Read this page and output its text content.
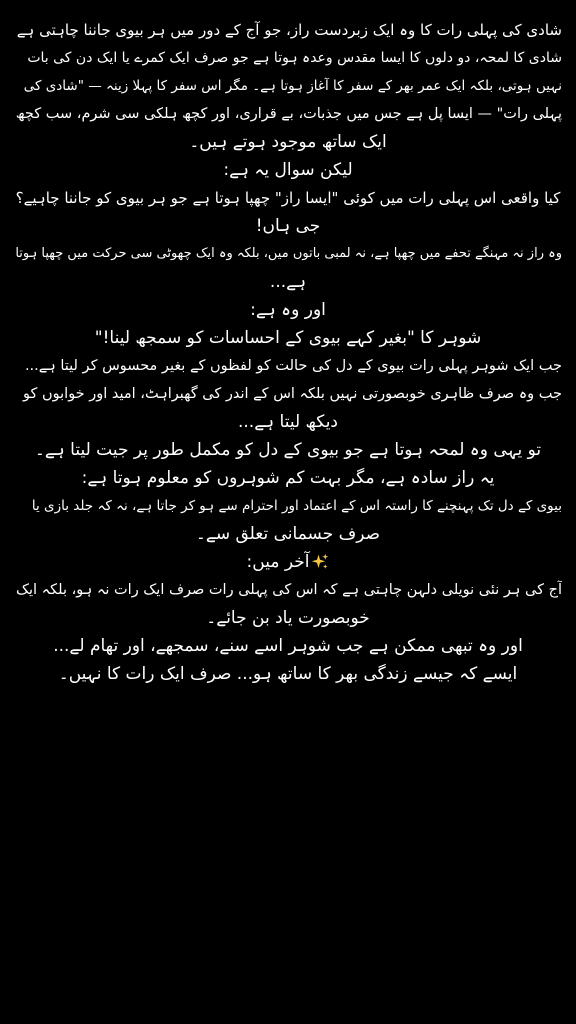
شادی کی پہلی رات کا وہ ایک زبردست راز، جو آج کے دور میں ہر بیوی جاننا چاہتی ہے
شادی کا لمحہ، دو دلوں کا ایسا مقدس وعدہ ہوتا ہے جو صرف ایک کمرے یا ایک دن کی بات
نہیں ہوتی، بلکہ ایک عمر بھر کے سفر کا آغاز ہوتا ہے۔ مگر اس سفر کا پہلا زینہ — "شادی کی
پہلی رات" — ایسا پل ہے جس میں جذبات، بے قراری، اور کچھ ہلکی سی شرم، سب کچھ
ایک ساتھ موجود ہوتے ہیں۔
لیکن سوال یہ ہے:
کیا واقعی اس پہلی رات میں کوئی "ایسا راز" چھپا ہوتا ہے جو ہر بیوی کو جاننا چاہیے؟
جی ہاں!
وہ راز نہ مہنگے تحفے میں چھپا ہے، نہ لمبی باتوں میں، بلکہ وہ ایک چھوٹی سی حرکت میں چھپا ہوتا
ہے...
اور وہ ہے:
شوہر کا "بغیر کہے بیوی کے احساسات کو سمجھ لینا!"
جب ایک شوہر پہلی رات بیوی کے دل کی حالت کو لفظوں کے بغیر محسوس کر لیتا ہے...
جب وہ صرف ظاہری خوبصورتی نہیں بلکہ اس کے اندر کی گھبراہٹ، امید اور خوابوں کو
دیکھ لیتا ہے...
تو یہی وہ لمحہ ہوتا ہے جو بیوی کے دل کو مکمل طور پر جیت لیتا ہے۔
یہ راز سادہ ہے، مگر بہت کم شوہروں کو معلوم ہوتا ہے:
بیوی کے دل تک پہنچنے کا راستہ اس کے اعتماد اور احترام سے ہو کر جاتا ہے، نہ کہ جلد بازی یا
صرف جسمانی تعلق سے۔
آخر میں:
آج کی ہر نئی نویلی دلہن چاہتی ہے کہ اس کی پہلی رات صرف ایک رات نہ ہو، بلکہ ایک
خوبصورت یاد بن جائے۔
اور وہ تبھی ممکن ہے جب شوہر اسے سنے، سمجھے، اور تھام لے...
ایسے کہ جیسے زندگی بھر کا ساتھ ہو... صرف ایک رات کا نہیں۔
